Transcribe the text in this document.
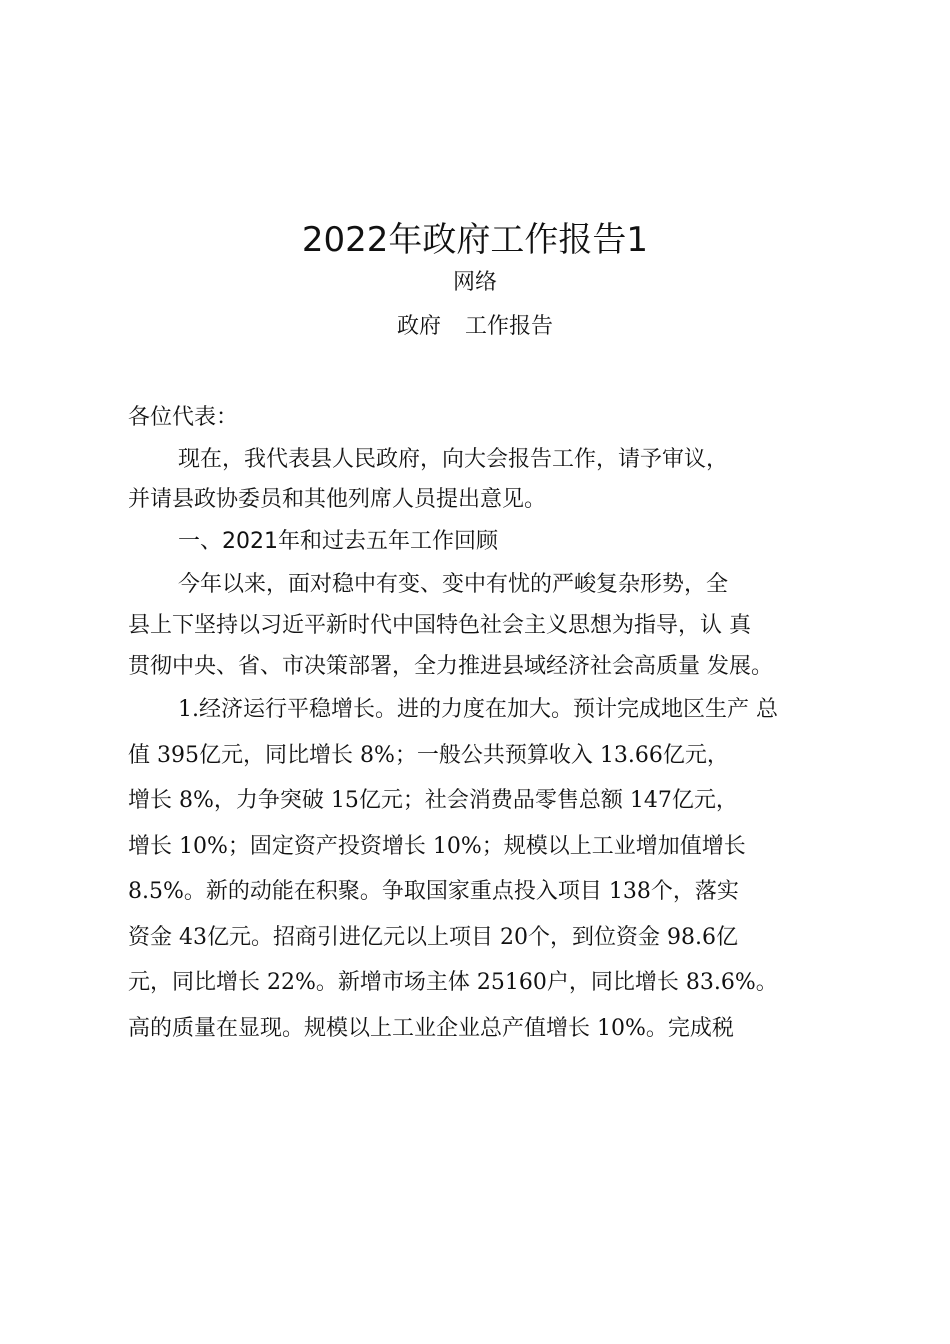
2022年政府工作报告1
网络
政府 工作报告
各位代表：
现在，我代表县人民政府，向大会报告工作，请予审议，
并请县政协委员和其他列席人员提出意见。
一、2021年和过去五年工作回顾
今年以来，面对稳中有变、变中有忧的严峻复杂形势，全
县上下坚持以习近平新时代中国特色社会主义思想为指导，认 真
贯彻中央、省、市决策部署，全力推进县域经济社会高质量 发展。
1.经济运行平稳增长。进的力度在加大。预计完成地区生产 总
值 395亿元，同比增长 8%；一般公共预算收入 13.66亿元，
增长 8%，力争突破 15亿元；社会消费品零售总额 147亿元，
增长 10%；固定资产投资增长 10%；规模以上工业增加值增长
8.5%。新的动能在积聚。争取国家重点投入项目 138个，落实
资金 43亿元。招商引进亿元以上项目 20个，到位资金 98.6亿
元，同比增长 22%。新增市场主体 25160户，同比增长 83.6%。
高的质量在显现。规模以上工业企业总产值增长 10%。完成税
